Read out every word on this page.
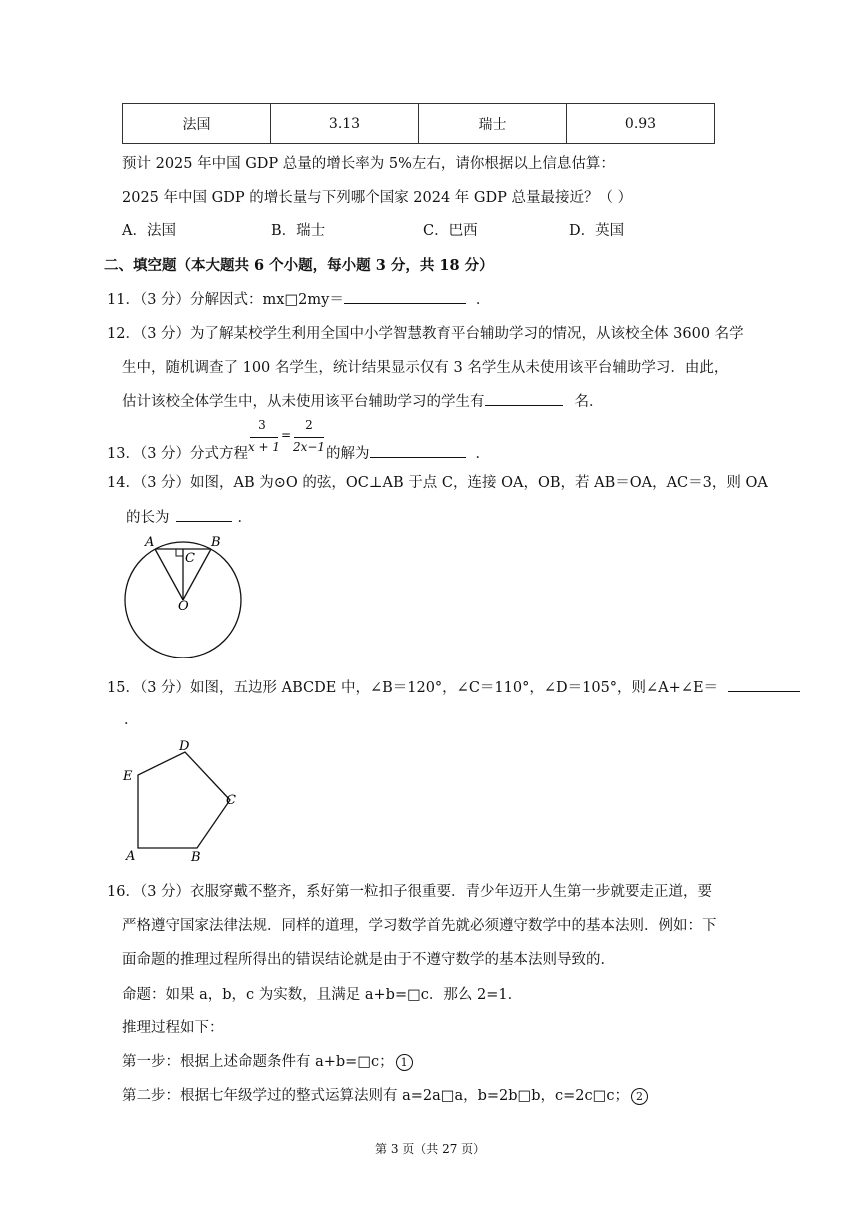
法国	3.13	瑞士	0.93
预计 2025 年中国 GDP 总量的增长率为 5%左右，请你根据以上信息估算：
2025 年中国 GDP 的增长量与下列哪个国家 2024 年 GDP 总量最接近？（ ）
A．法国	B．瑞士	C．巴西	D．英国
二、填空题（本大题共 6 个小题，每小题 3 分，共 18 分）
11．（3 分）分解因式：mx□2my＝	．
12．（3 分）为了解某校学生利用全国中小学智慧教育平台辅助学习的情况，从该校全体 3600 名学
生中，随机调查了 100 名学生，统计结果显示仅有 3 名学生从未使用该平台辅助学习．由此，
估计该校全体学生中，从未使用该平台辅助学习的学生有	名．
13．（3 分）分式方程
3
x + 1
=
2
2x−1 的解为	．
14．（3 分）如图，AB 为⊙O 的弦，OC⊥AB 于点 C，连接 OA，OB，若 AB＝OA，AC＝3，则 OA
的长为	．
A	B
C
O
15．（3 分）如图，五边形 ABCDE 中，∠B＝120°，∠C＝110°，∠D＝105°，则∠A+∠E＝
．
A	B
C
D
E
16．（3 分）衣服穿戴不整齐，系好第一粒扣子很重要．青少年迈开人生第一步就要走正道，要
严格遵守国家法律法规．同样的道理，学习数学首先就必须遵守数学中的基本法则．例如：下
面命题的推理过程所得出的错误结论就是由于不遵守数学的基本法则导致的．
命题：如果 a，b，c 为实数，且满足 a+b=□c．那么 2=1．
推理过程如下：
第一步：根据上述命题条件有 a+b=□c； 1
第二步：根据七年级学过的整式运算法则有 a=2a□a，b=2b□b，c=2c□c； 2
第 3 页（共 27 页）
